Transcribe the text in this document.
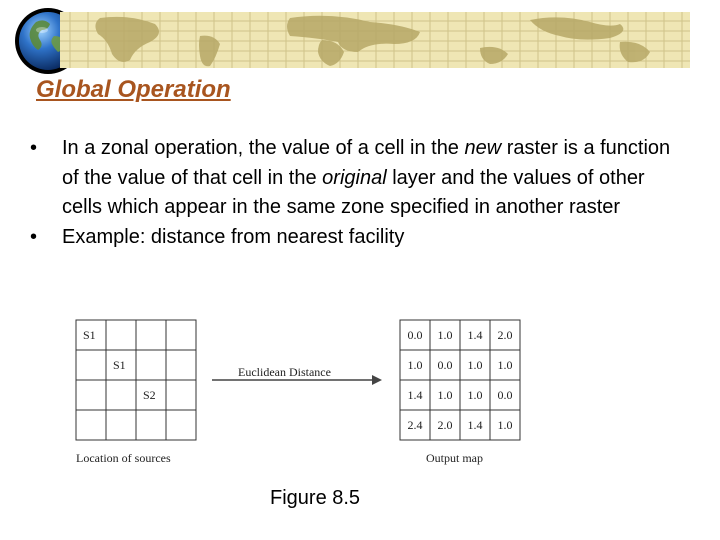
Global Operation
• In a zonal operation, the value of a cell in the new raster is a function of the value of that cell in the original layer and the values of other cells which appear in the same zone specified in another raster
• Example: distance from nearest facility
S1
S1
S2
Location of sources
Euclidean Distance
0.0 1.0 1.4 2.0
1.0 0.0 1.0 1.0
1.4 1.0 1.0 0.0
2.4 2.0 1.4 1.0
Output map

Figure 8.5
